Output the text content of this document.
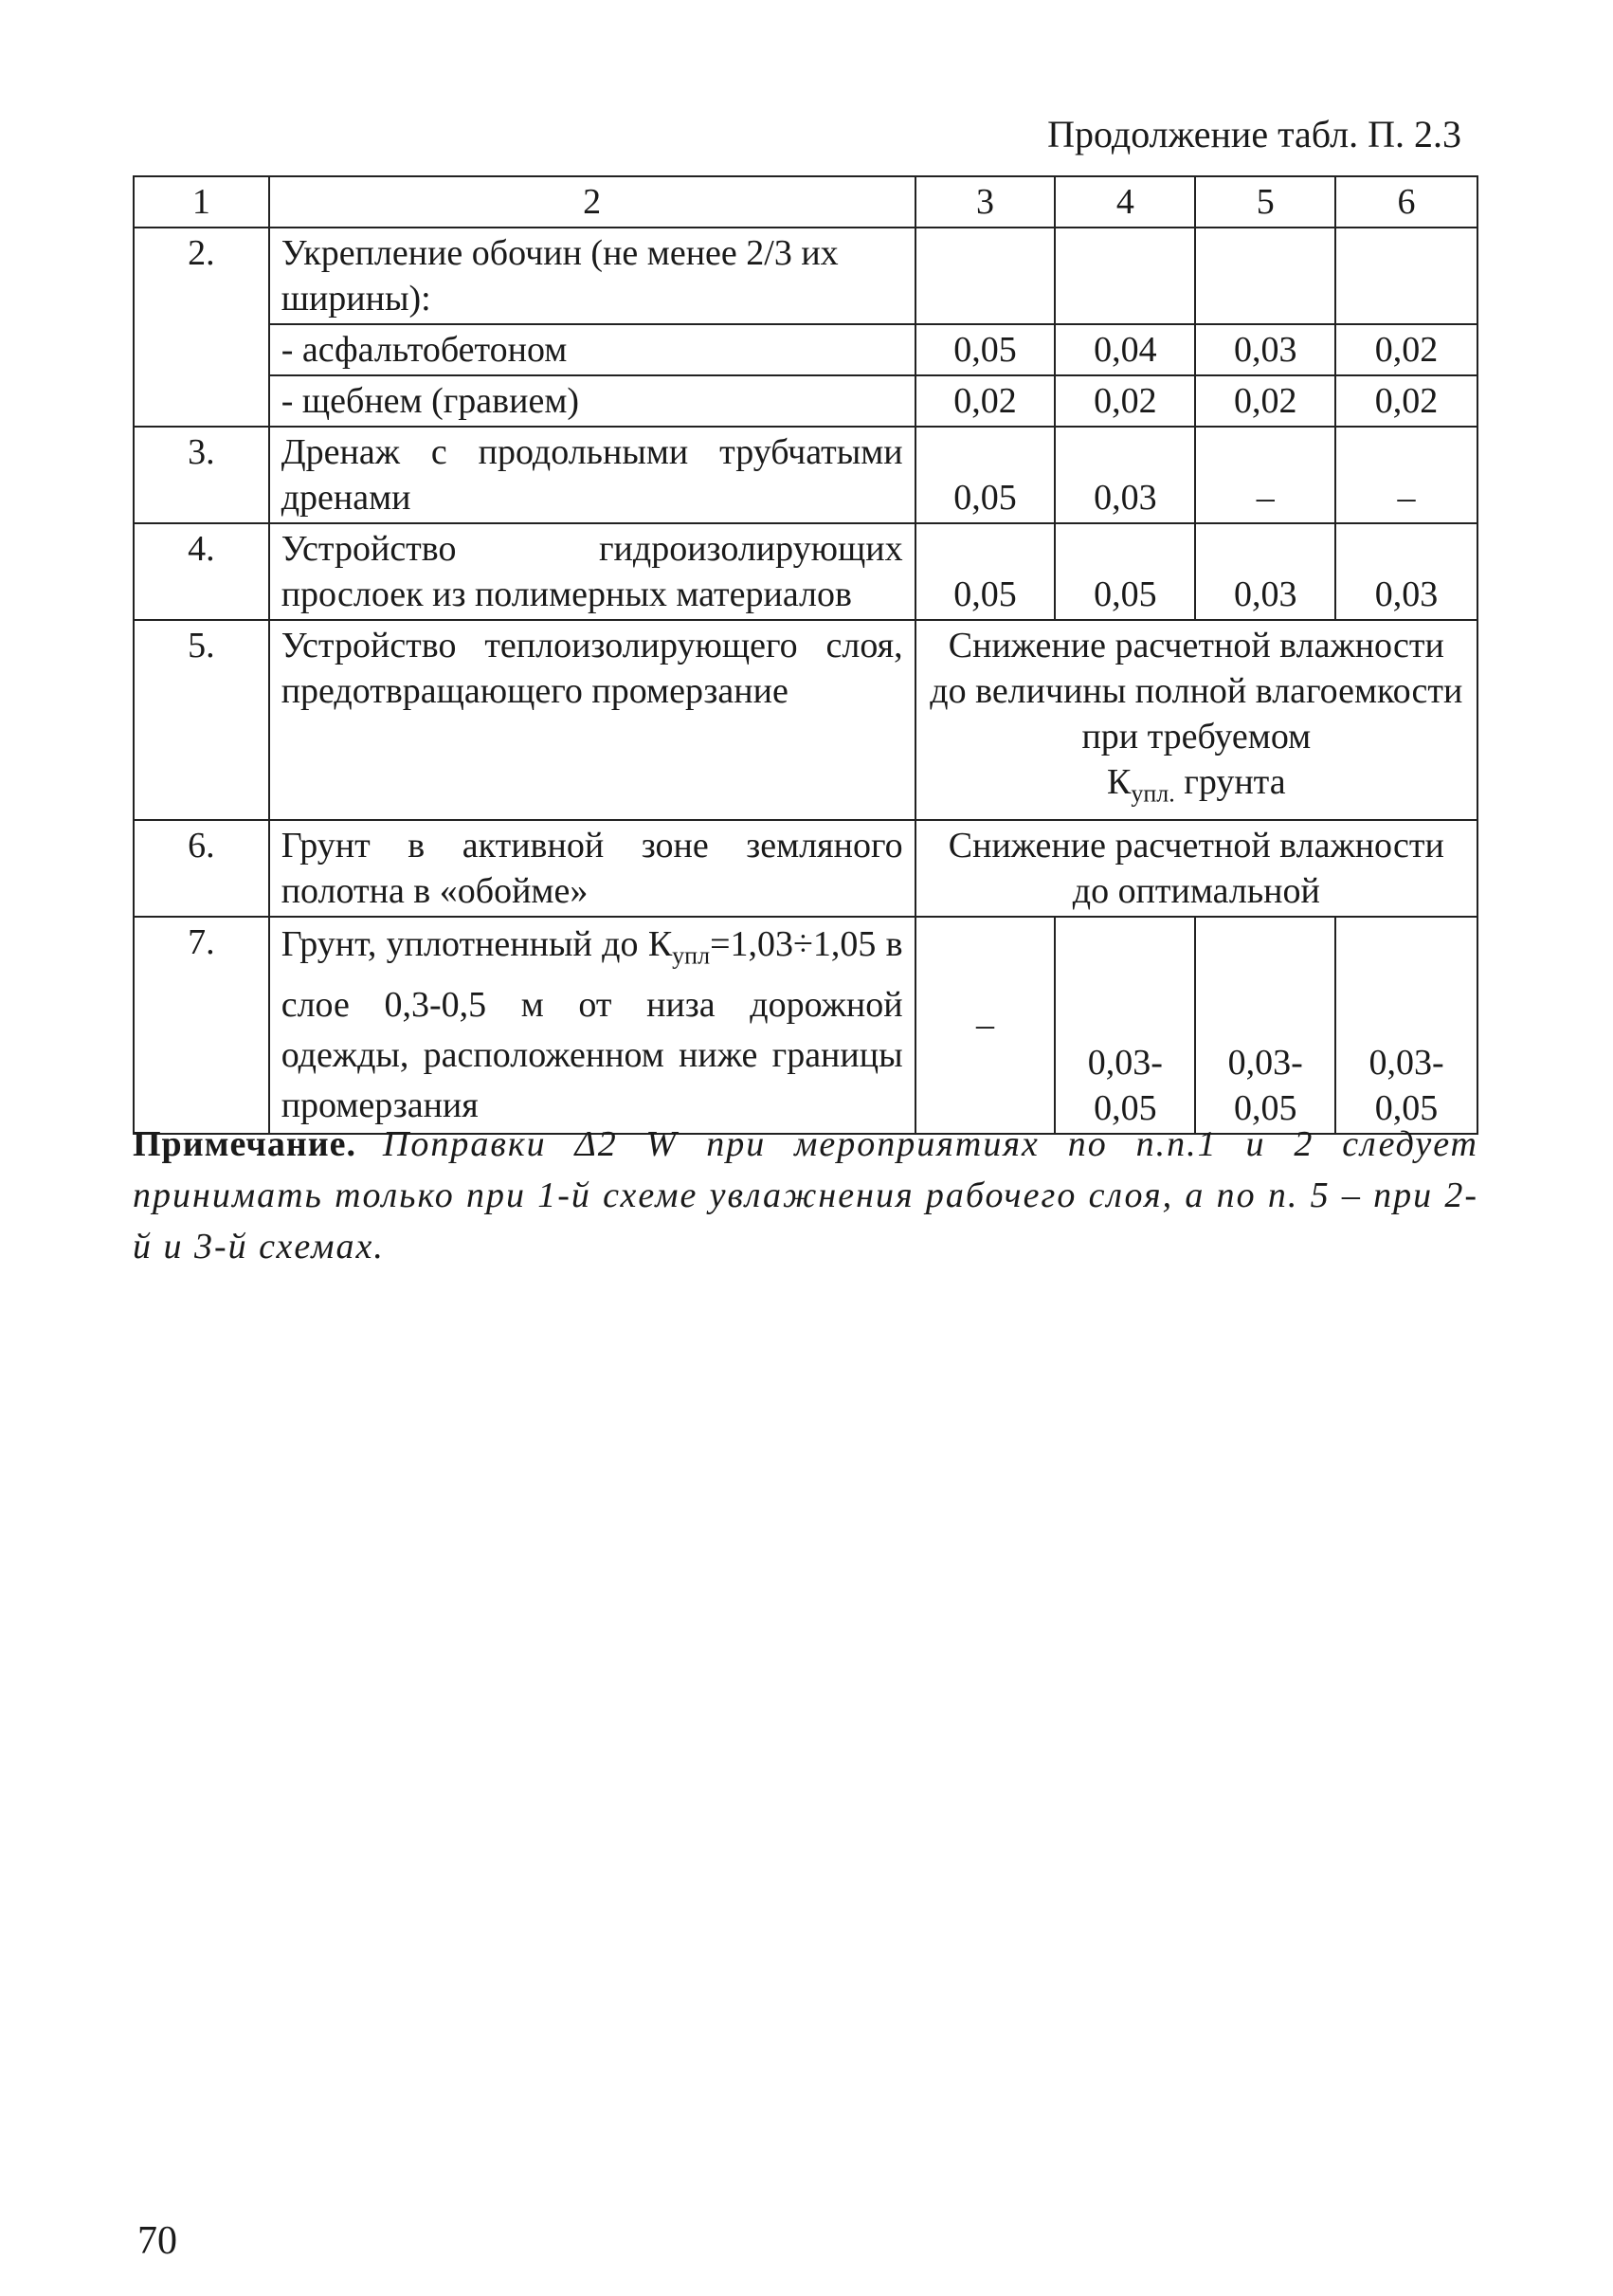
Продолжение табл. П. 2.3
1	2	3	4	5	6
2.	Укрепление обочин (не менее 2/3 их ширины):				
	- асфальтобетоном	0,05	0,04	0,03	0,02
	- щебнем (гравием)	0,02	0,02	0,02	0,02
3.	Дренаж с продольными трубчатыми дренами	0,05	0,03	–	–
4.	Устройство гидроизолирующих прослоек из полимерных материалов	0,05	0,05	0,03	0,03
5.	Устройство теплоизолирующего слоя, предотвращающего промерзание	Снижение расчетной влажности до величины полной влагоемкости при требуемом
$К_{упл.}$ грунта			
6.	Грунт в активной зоне земляного полотна в «обойме»	Снижение расчетной влажности до оптимальной			
7.	Грунт, уплотненный до $К_{упл}=1,03\div 1,05$ в слое 0,3-0,5 м от низа дорожной одежды, расположенном ниже границы промерзания	–	0,03-0,05	0,03-0,05	0,03-0,05
Примечание. Поправки Δ2 W при мероприятиях по п.п.1 и 2 следует принимать только при 1-й схеме увлажнения рабочего слоя, а по п. 5 – при 2-й и 3-й схемах.
70
